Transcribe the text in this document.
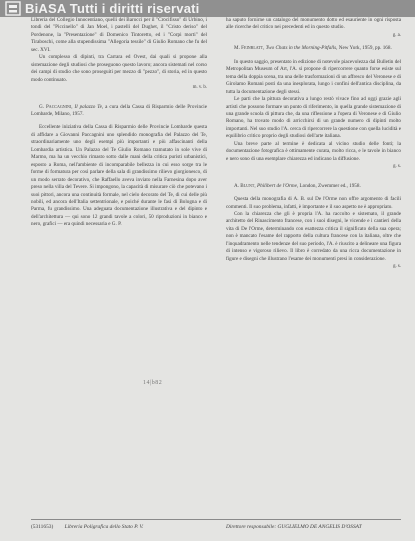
BiASA Tutti i diritti riservati

Libreria del Collegio Innocentiano, quelli dei Barocci per il "Crocifisso" di Urbino, i tondi del "Piccinello" di Jan Moel, i pastelli del Dughet, il "Cristo deriso" del Pordenone, la "Presentazione" di Domenico Tintoretto, ed i "Corpi morti" del Tiraboschi, come alla stupendissima "Allegoria tessile" di Giulio Romano che fu del sec. XVI.

Un complesso di dipinti, tra Carrara ed Ovest, dai quali si propone alla sistemazione degli studiosi che proseguono questo lavoro; ancora sistemati nel corso dei campi di studio che sono proseguiti per mezzo di "pezzo", di storia, ed in questo modo continuato.

m. v. b.

G. Paccagnini, Il palazzo Te, a cura della Cassa di Risparmio delle Provincie Lombarde, Milano, 1957.

Eccellente iniziativa della Cassa di Risparmio delle Provincie Lombarde questa di affidare a Giovanni Paccagnini uno splendido monografia del Palazzo del Te, straordinariamente uno degli esempi più importanti e più affascinanti della Lombardia artistica. Un Palazzo del Te Giulio Romano tramutato in sole vive di Marmo, ma ha un vecchio rimasto sotto dalle mani della critica puristi urbanistici, esposto a Roma, nell'ambiente di incomparabile bellezza in cui esso sorge tra le forme di formatura per così parlare della sala di grandissimo rilievo giorgionesco, di un modo serrato decorativo, che Raffaello aveva inviato nella Farnesina dopo aver preso nella villa del Tevere. Si impongono, la capacità di misurare ciò che potevano i suoi pittori, ancora una continuità formale, nel cielo decorato del Te, di cui delle più nobili, ed ancora dell'Italia settentrionale, e poiché durante le fasi di Bologna e di Parma, fu grandissimo. Una adeguata documentazione illustrativa e del dipinto e dell'architettura — qui sono 12 grandi tavole a colori, 50 riproduzioni in bianco e nero, grafici — era quindi necessaria e G. P.

ha saputo fornirne un catalogo del monumento dotto ed esauriente in ogni risposta alle ricerche del critico nei precedenti ed in questo studio.

g. a.

M. Feinblatt, Two Chats in the Morning-Pitfalls, New York, 1959, pp. 168.

In questo saggio, presentato in edizione di notevole piacevolezza dal Bulletin del Metropolitan Museum of Art, l'A. si propone di ripercorrere quanto forse esiste sul tema della doppia scena, tra una delle trasformazioni di un affresco del Veronese e di Girolamo Romani posti da una inesplorata, lungo i confini dell'antica disciplina, da tutta la documentazione degli stessi.

Le parti che la pittura decorativa a lungo restò vivace fino ad oggi grazie agli artisti che possono formare un punto di riferimento, in quella grande sistemazione di una grande scuola di pittura che, da una riflessione a l'opera di Veronese e di Giulio Romano, ha trovato modo di arricchirsi di un grande numero di dipinti molto importanti. Nel suo studio l'A. cerca di ripercorrere la questione con quella lucidità e equilibrio critico proprio degli studiosi dell'arte italiana.

Una breve parte al termine è dedicata al vicino studio delle fonti; la documentazione fotografica è ottimamente curata, molto ricca, e le tavole in bianco e nero sono di una esemplare chiarezza ed indicano la diffusione.

g. s.

A. Blunt, Philibert de l'Orme, London, Zwemmer ed., 1958.

Questa della monografia di A. B. sul De l'Orme non offre argomento di facili commenti. Il suo problema, infatti, è importante e il suo aspetto ne è appropriato.

Con la chiarezza che gli è propria l'A. ha raccolto e sistemato, il grande architetto del Rinascimento francese, con i suoi disegni, le vicende e i cantieri della vita di De l'Orme, determinando con esattezza critica il significato della sua opera; non è mancato l'esame del rapporto della cultura francese con la italiana, oltre che l'inquadramento nelle tendenze del suo periodo, l'A. è riuscito a delineare una figura di intenso e vigoroso rilievo. Il libro è corredato da una ricca documentazione in figure e disegni che illustrano l'esame dei monumenti presi in considerazione.

g. s.

14|b82
(5311653) Libreria Poligrafica dello Stato P. V.	Direttore responsabile: GUGLIELMO DE ANGELIS D'OSSAT
